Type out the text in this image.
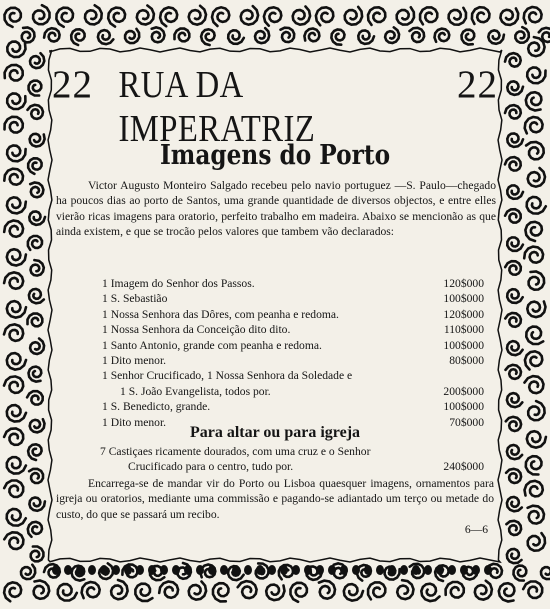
22 RUA DA IMPERATRIZ
22
Imagens do Porto
Victor Augusto Monteiro Salgado recebeu pelo navio portuguez —S. Paulo—chegado ha poucos dias ao porto de Santos, uma grande quantidade de diversos objectos, e entre elles vierão ricas imagens para oratorio, perfeito trabalho em madeira. Abaixo se mencionão as que ainda existem, e que se trocão pelos valores que tambem vão declarados:
1 Imagem do Senhor dos Passos.	120$000
1 S. Sebastião	100$000
1 Nossa Senhora das Dôres, com peanha e redoma.	120$000
1 Nossa Senhora da Conceição dito dito.	110$000
1 Santo Antonio, grande com peanha e redoma.	100$000
1 Dito menor.	80$000
1 Senhor Crucificado, 1 Nossa Senhora da Soledade e
1 S. João Evangelista, todos por.	200$000
1 S. Benedicto, grande.	100$000
1 Dito menor.	70$000
Para altar ou para igreja
7 Castiçaes ricamente dourados, com uma cruz e o Senhor
Crucificado para o centro, tudo por.	240$000
Encarrega-se de mandar vir do Porto ou Lisboa quaesquer imagens, ornamentos para igreja ou oratorios, mediante uma commissão e pagando-se adiantado um terço ou metade do custo, do que se passará um recibo.
6—6
